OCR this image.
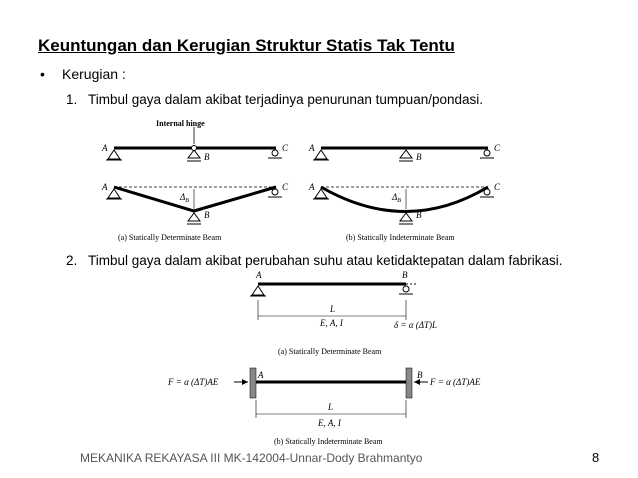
Keuntungan dan Kerugian Struktur Statis Tak Tentu
• Kerugian :
1. Timbul gaya dalam akibat terjadinya penurunan tumpuan/pondasi.
A
B
C
Internal hinge
A
B
C
A
B
C
$\Delta_B$
A
B
C
$\Delta_B$
(a) Statically Determinate Beam	(b) Statically Indeterminate Beam
2. Timbul gaya dalam akibat perubahan suhu atau ketidaktepatan dalam fabrikasi.
A	B
L
E, A, I	δ = α (ΔT)L
(a) Statically Determinate Beam
F = α (ΔT)AE	F = α (ΔT)AE
A	B
L
E, A, I
(b) Statically Indeterminate Beam
MEKANIKA REKAYASA III MK-142004-Unnar-Dody Brahmantyo	8
